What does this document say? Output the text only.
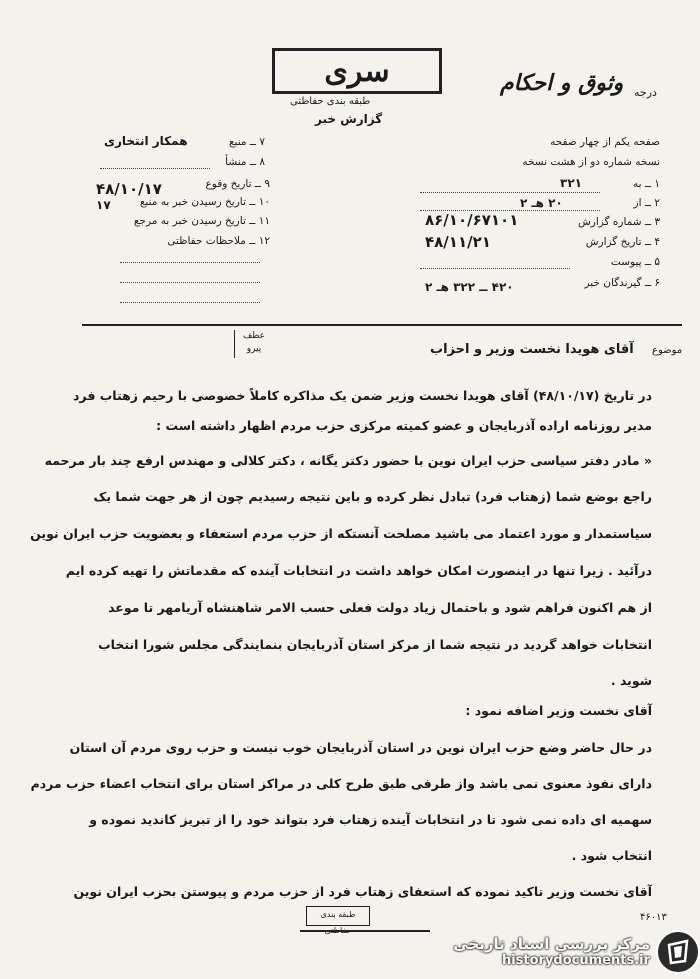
سری
طبقه بندی حفاظتی
گزارش خبر
درجه
وثوق و احکام
۷ ــ منبع
همکار انتخاری
۸ ــ منشأ
۹ ــ تاریخ وقوع
۴۸/۱۰/۱۷
۱۰ ــ تاریخ رسیدن خبر به منبع
۱۷
۱۱ ــ تاریخ رسیدن خبر به مرجع
۱۲ ــ ملاحظات حفاظتی
صفحه یکم از چهار صفحه
نسخه شماره دو از هشت نسخه
۱ ــ به
۳۲۱
۲ ــ از
۲۰ هـ ۲
۳ ــ شماره گزارش
۸۶/۱۰/۶۷۱۰۱
۴ ــ تاریخ گزارش
۴۸/۱۱/۲۱
۵ ــ پیوست
۶ ــ گیرندگان خبر
۴۲۰ ــ ۳۲۲ هـ ۲
عطف
پیرو	موضوع
آقای هویدا نخست وزیر و احزاب
در تاریخ (۴۸/۱۰/۱۷) آقای هویدا نخست وزیر ضمن یک مذاکره کاملاً خصوصی با رحیم زهتاب فرد
مدیر روزنامه اراده آذربایجان و عضو کمیته مرکزی حزب مردم اظهار داشته است :
« مادر دفتر سیاسی حزب ایران نوین با حضور دکتر یگانه ، دکتر کلالی و مهندس ارفع چند بار مرحمه
راجع بوضع شما (زهتاب فرد) تبادل نظر کرده و باین نتیجه رسیدیم چون از هر جهت شما یک
سیاستمدار و مورد اعتماد می باشید مصلحت آنستکه از حزب مردم استعفاء و بعضویت حزب ایران نوین
درآئید . زیرا تنها در اینصورت امکان خواهد داشت در انتخابات آینده که مقدماتش را تهیه کرده ایم
از هم اکنون فراهم شود و باحتمال زیاد دولت فعلی حسب الامر شاهنشاه آریامهر تا موعد
انتخابات خواهد گردید در نتیجه شما از مرکز استان آذربایجان بنمایندگی مجلس شورا انتخاب
شوید .
آقای نخست وزیر اضافه نمود :
در حال حاضر وضع حزب ایران نوین در استان آذربایجان خوب نیست و حزب روی مردم آن استان
دارای نفوذ معنوی نمی باشد واز طرفی طبق طرح کلی در مراکز استان برای انتخاب اعضاء حزب مردم
سهمیه ای داده نمی شود تا در انتخابات آینده زهتاب فرد بتواند خود را از تبریز کاندید نموده و
انتخاب شود .
آقای نخست وزیر تاکید نموده که استعفای زهتاب فرد از حزب مردم و پیوستن بحزب ایران نوین
طبقه بندی حفاظتی
۴۶۰۱۳
مرکز بررسی اسناد تاریخی
historydocuments.ir
